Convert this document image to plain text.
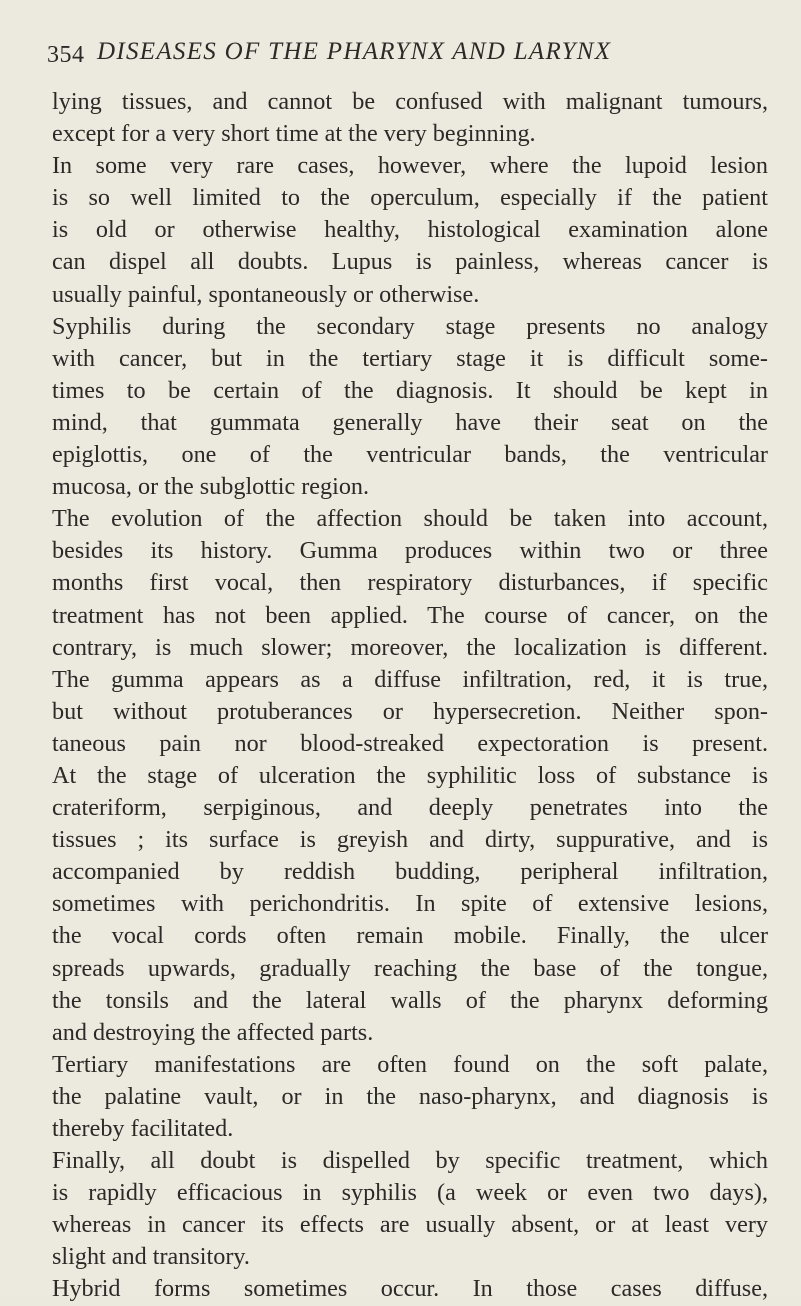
354 DISEASES OF THE PHARYNX AND LARYNX
lying tissues, and cannot be confused with malignant tumours,
except for a very short time at the very beginning.
In some very rare cases, however, where the lupoid lesion
is so well limited to the operculum, especially if the patient
is old or otherwise healthy, histological examination alone
can dispel all doubts. Lupus is painless, whereas cancer is
usually painful, spontaneously or otherwise.
Syphilis during the secondary stage presents no analogy
with cancer, but in the tertiary stage it is difficult some-
times to be certain of the diagnosis. It should be kept in
mind, that gummata generally have their seat on the
epiglottis, one of the ventricular bands, the ventricular
mucosa, or the subglottic region.
The evolution of the affection should be taken into account,
besides its history. Gumma produces within two or three
months first vocal, then respiratory disturbances, if specific
treatment has not been applied. The course of cancer, on the
contrary, is much slower; moreover, the localization is different.
The gumma appears as a diffuse infiltration, red, it is true,
but without protuberances or hypersecretion. Neither spon-
taneous pain nor blood-streaked expectoration is present.
At the stage of ulceration the syphilitic loss of substance is
crateriform, serpiginous, and deeply penetrates into the
tissues ; its surface is greyish and dirty, suppurative, and is
accompanied by reddish budding, peripheral infiltration,
sometimes with perichondritis. In spite of extensive lesions,
the vocal cords often remain mobile. Finally, the ulcer
spreads upwards, gradually reaching the base of the tongue,
the tonsils and the lateral walls of the pharynx deforming
and destroying the affected parts.
Tertiary manifestations are often found on the soft palate,
the palatine vault, or in the naso-pharynx, and diagnosis is
thereby facilitated.
Finally, all doubt is dispelled by specific treatment, which
is rapidly efficacious in syphilis (a week or even two days),
whereas in cancer its effects are usually absent, or at least very
slight and transitory.
Hybrid forms sometimes occur. In those cases diffuse,
